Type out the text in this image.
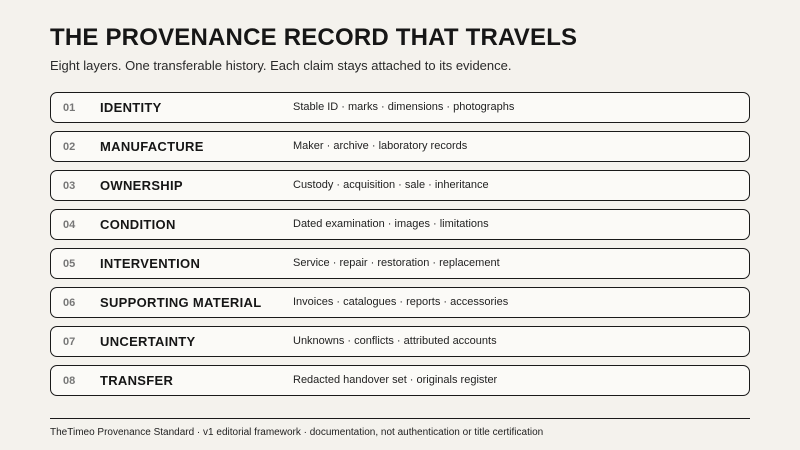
THE PROVENANCE RECORD THAT TRAVELS
Eight layers. One transferable history. Each claim stays attached to its evidence.
01 IDENTITY	Stable ID · marks · dimensions · photographs
02 MANUFACTURE	Maker · archive · laboratory records
03 OWNERSHIP	Custody · acquisition · sale · inheritance
04 CONDITION	Dated examination · images · limitations
05 INTERVENTION	Service · repair · restoration · replacement
06 SUPPORTING MATERIAL	Invoices · catalogues · reports · accessories
07 UNCERTAINTY	Unknowns · conflicts · attributed accounts
08 TRANSFER	Redacted handover set · originals register
TheTimeo Provenance Standard · v1 editorial framework · documentation, not authentication or title certification
